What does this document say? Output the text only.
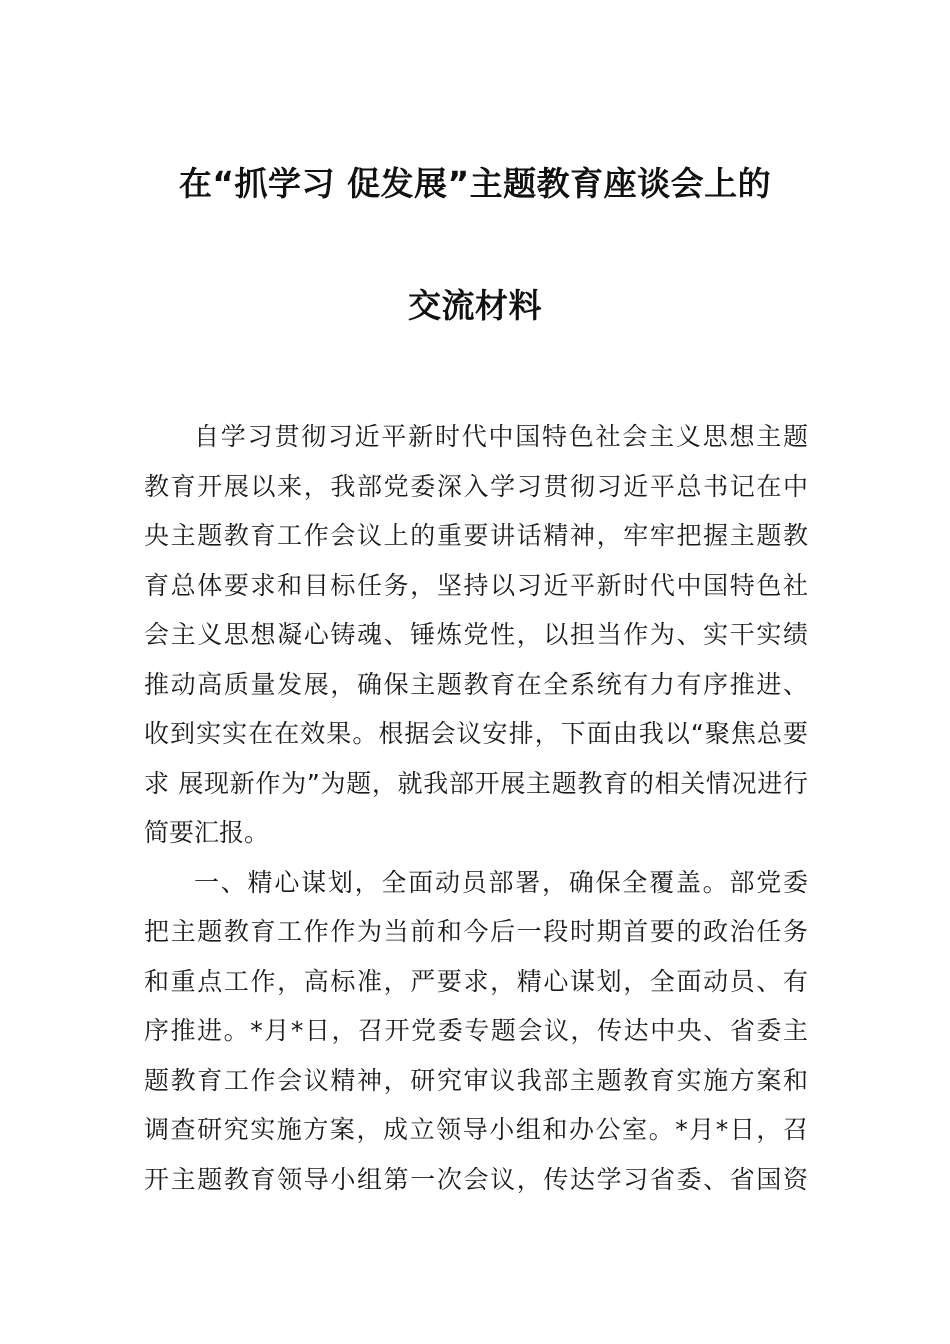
在“抓学习 促发展”主题教育座谈会上的
交流材料
自学习贯彻习近平新时代中国特色社会主义思想主题
教育开展以来，我部党委深入学习贯彻习近平总书记在中
央主题教育工作会议上的重要讲话精神，牢牢把握主题教
育总体要求和目标任务，坚持以习近平新时代中国特色社
会主义思想凝心铸魂、锤炼党性，以担当作为、实干实绩
推动高质量发展，确保主题教育在全系统有力有序推进、
收到实实在在效果。根据会议安排，下面由我以“聚焦总要
求 展现新作为”为题，就我部开展主题教育的相关情况进行
简要汇报。
一、精心谋划，全面动员部署，确保全覆盖。部党委
把主题教育工作作为当前和今后一段时期首要的政治任务
和重点工作，高标准，严要求，精心谋划，全面动员、有
序推进。*月*日，召开党委专题会议，传达中央、省委主
题教育工作会议精神，研究审议我部主题教育实施方案和
调查研究实施方案，成立领导小组和办公室。*月*日，召
开主题教育领导小组第一次会议，传达学习省委、省国资
